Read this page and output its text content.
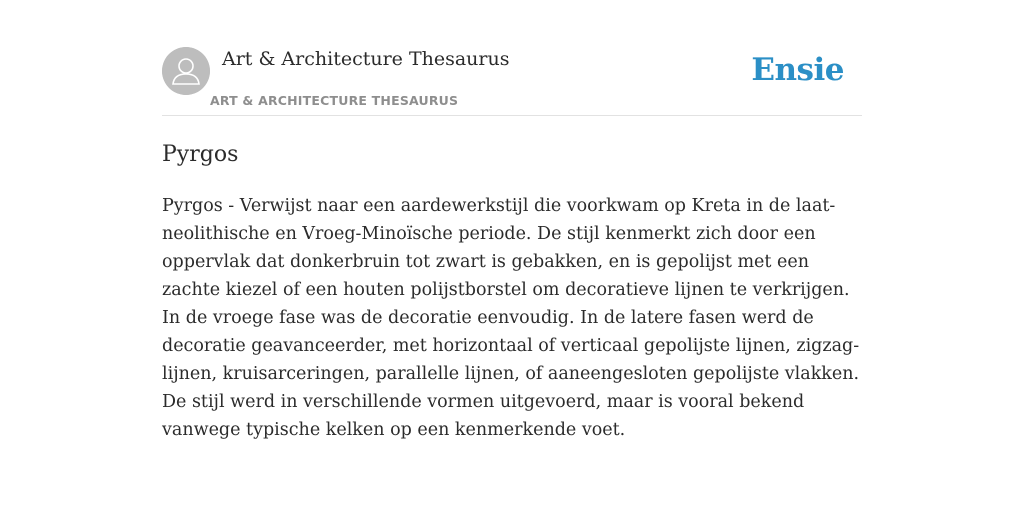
Art & Architecture Thesaurus
ART & ARCHITECTURE THESAURUS
Ensie
Pyrgos

Pyrgos - Verwijst naar een aardewerkstijl die voorkwam op Kreta in de laat-neolithische en Vroeg-Minoïsche periode. De stijl kenmerkt zich door een oppervlak dat donkerbruin tot zwart is gebakken, en is gepolijst met een zachte kiezel of een houten polijstborstel om decoratieve lijnen te verkrijgen. In de vroege fase was de decoratie eenvoudig. In de latere fasen werd de decoratie geavanceerder, met horizontaal of verticaal gepolijste lijnen, zigzag- lijnen, kruisarceringen, parallelle lijnen, of aaneengesloten gepolijste vlakken. De stijl werd in verschillende vormen uitgevoerd, maar is vooral bekend vanwege typische kelken op een kenmerkende voet.
